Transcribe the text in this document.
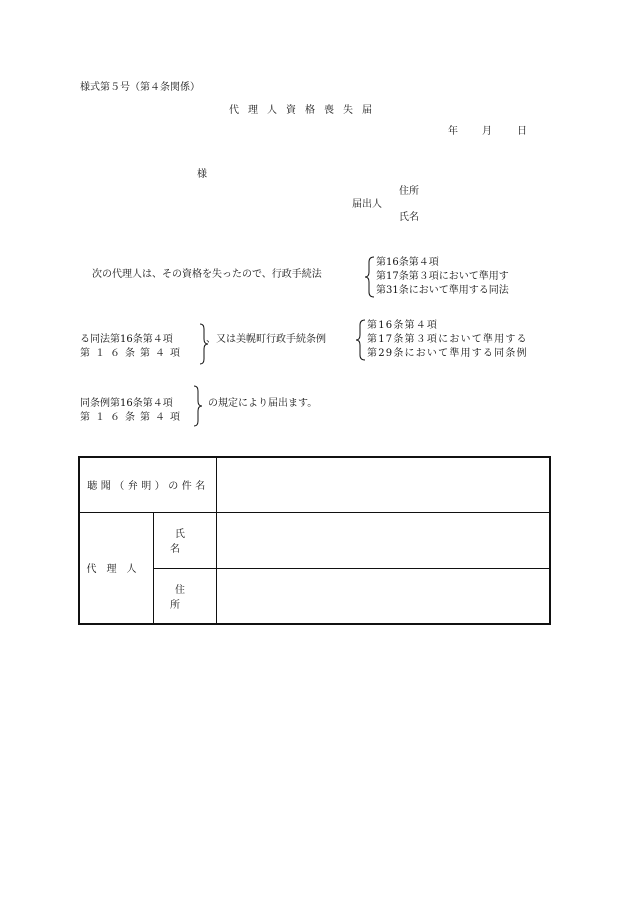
様式第５号（第４条関係）
代理人資格喪失届
年 月	日
様
住所
届出人
氏名
次の代理人は、その資格を失ったので、行政手続法
第16条第４項
第17条第３項において準用す
第31条において準用する同法
る同法第16条第４項
第１６条第４項
、又は美幌町行政手続条例
第16条第４項
第17条第３項において準用する
第29条において準用する同条例
同条例第16条第４項
第１６条第４項
の規定により届出ます。
聴聞（弁明）の件名		
代理人	氏名	
	住所	
